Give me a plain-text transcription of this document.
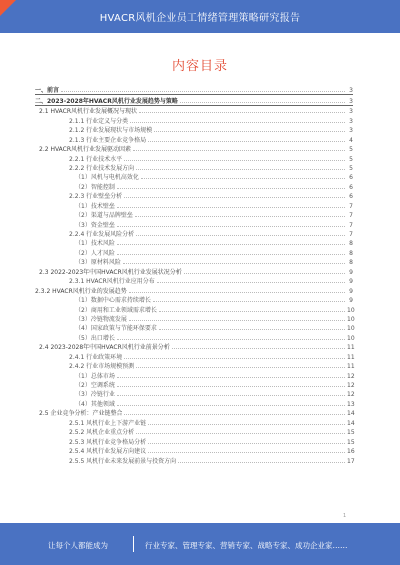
HVACR风机企业员工情绪管理策略研究报告
内容目录
一、前言	3
二、2023-2028年HVACR风机行业发展趋势与策略	3
2.1 HVACR风机行业发展概况与现状	3
2.1.1 行业定义与分类	3
2.1.2 行业发展现状与市场规模	3
2.1.3 行业主要企业竞争格局	4
2.2 HVACR风机行业发展驱动因素	5
2.2.1 行业技术水平	5
2.2.2 行业技术发展方向	5
（1）风机与电机高效化	6
（2）智能控制	6
2.2.3 行业壁垒分析	6
（1）技术壁垒	7
（2）渠道与品牌壁垒	7
（3）资金壁垒	7
2.2.4 行业发展风险分析	7
（1）技术风险	8
（2）人才风险	8
（3）原材料风险	8
2.3 2022-2023年中国HVACR风机行业发展状况分析	9
2.3.1 HVACR风机行业应用分布	9
2.3.2 HVACR风机行业的发展趋势	9
（1）数据中心需求持续增长	9
（2）商用和工业领域需求增长	10
（3）冷链物流发展	10
（4）国家政策与节能环保要求	10
（5）出口增长	10
2.4 2023-2028年中国HVACR风机行业前景分析	11
2.4.1 行业政策环境	11
2.4.2 行业市场规模预测	11
（1）总体市场	12
（2）空调系统	12
（3）冷链行业	12
（4）其他领域	13
2.5 企业竞争分析：产业链整合	14
2.5.1 风机行业上下游产业链	14
2.5.2 风机企业重点分析	15
2.5.3 风机行业竞争格局分析	15
2.5.4 风机行业发展方向建议	16
2.5.5 风机行业未来发展前景与投资方向	17
1
让每个人都能成为	行业专家、管理专家、营销专家、战略专家、成功企业家……
